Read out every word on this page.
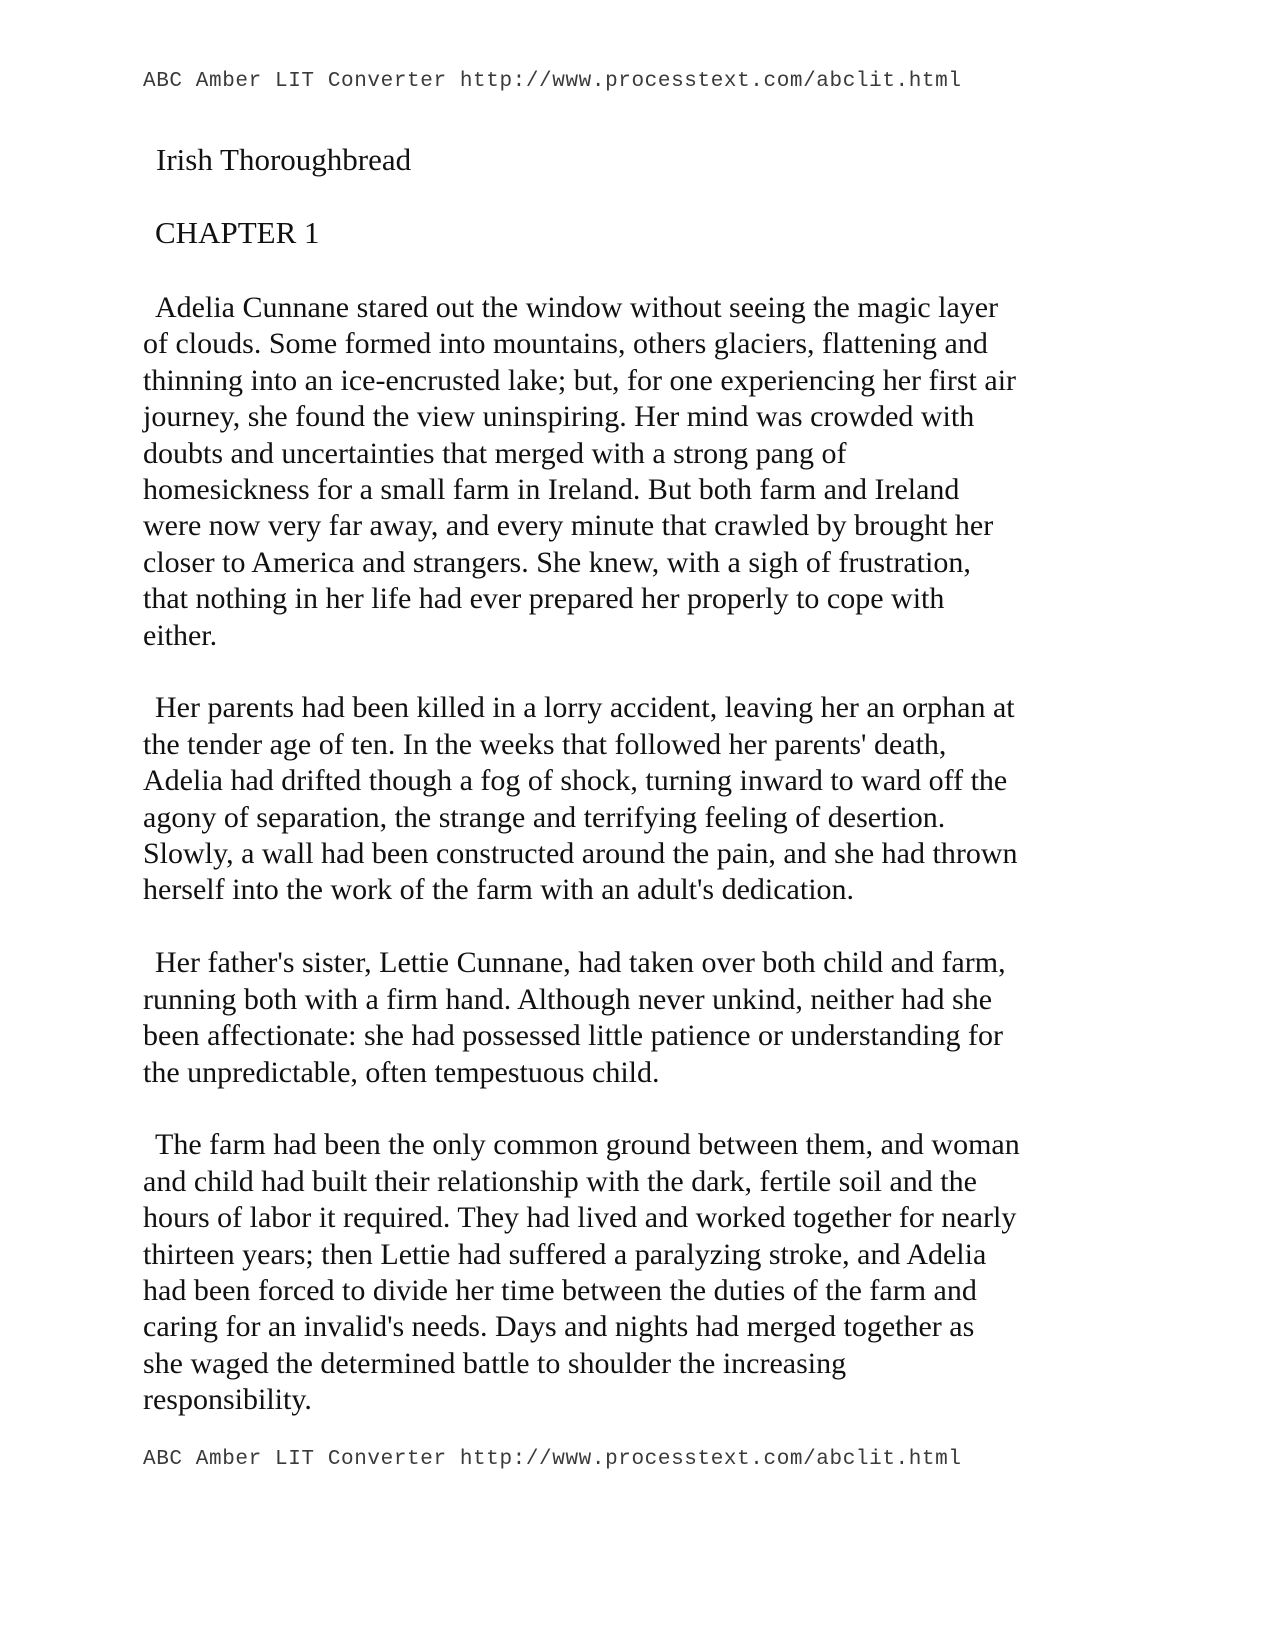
ABC Amber LIT Converter http://www.processtext.com/abclit.html
Irish Thoroughbread
CHAPTER 1

Adelia Cunnane stared out the window without seeing the magic layer
of clouds. Some formed into mountains, others glaciers, flattening and
thinning into an ice-encrusted lake; but, for one experiencing her first air
journey, she found the view uninspiring. Her mind was crowded with
doubts and uncertainties that merged with a strong pang of
homesickness for a small farm in Ireland. But both farm and Ireland
were now very far away, and every minute that crawled by brought her
closer to America and strangers. She knew, with a sigh of frustration,
that nothing in her life had ever prepared her properly to cope with
either.

Her parents had been killed in a lorry accident, leaving her an orphan at
the tender age of ten. In the weeks that followed her parents' death,
Adelia had drifted though a fog of shock, turning inward to ward off the
agony of separation, the strange and terrifying feeling of desertion.
Slowly, a wall had been constructed around the pain, and she had thrown
herself into the work of the farm with an adult's dedication.

Her father's sister, Lettie Cunnane, had taken over both child and farm,
running both with a firm hand. Although never unkind, neither had she
been affectionate: she had possessed little patience or understanding for
the unpredictable, often tempestuous child.

The farm had been the only common ground between them, and woman
and child had built their relationship with the dark, fertile soil and the
hours of labor it required. They had lived and worked together for nearly
thirteen years; then Lettie had suffered a paralyzing stroke, and Adelia
had been forced to divide her time between the duties of the farm and
caring for an invalid's needs. Days and nights had merged together as
she waged the determined battle to shoulder the increasing
responsibility.

ABC Amber LIT Converter http://www.processtext.com/abclit.html
